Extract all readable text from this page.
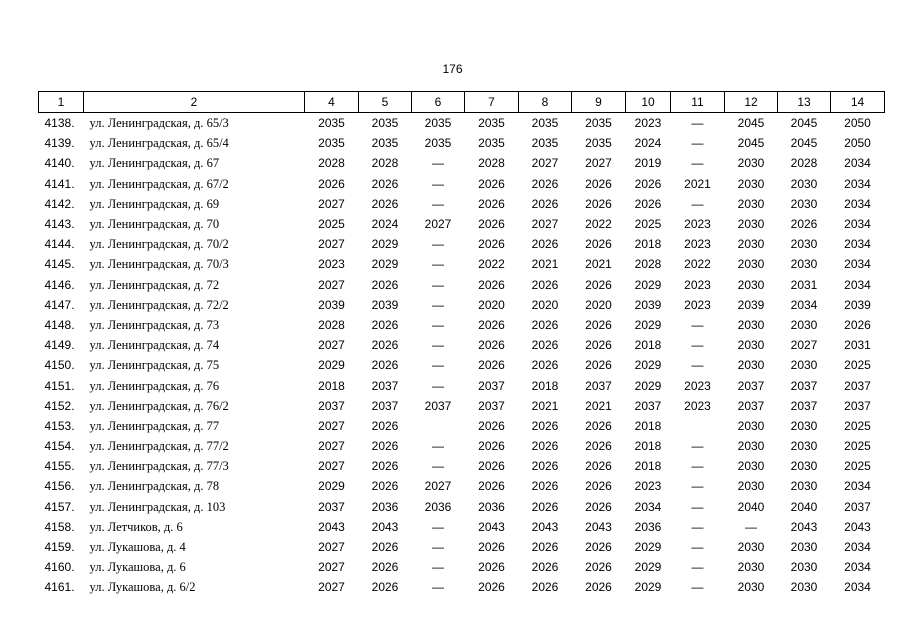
176
1	2	4	5	6	7	8	9	10	11	12	13	14
4138.	ул. Ленинградская, д. 65/3	2035	2035	2035	2035	2035	2035	2023	—	2045	2045	2050
4139.	ул. Ленинградская, д. 65/4	2035	2035	2035	2035	2035	2035	2024	—	2045	2045	2050
4140.	ул. Ленинградская, д. 67	2028	2028	—	2028	2027	2027	2019	—	2030	2028	2034
4141.	ул. Ленинградская, д. 67/2	2026	2026	—	2026	2026	2026	2026	2021	2030	2030	2034
4142.	ул. Ленинградская, д. 69	2027	2026	—	2026	2026	2026	2026	—	2030	2030	2034
4143.	ул. Ленинградская, д. 70	2025	2024	2027	2026	2027	2022	2025	2023	2030	2026	2034
4144.	ул. Ленинградская, д. 70/2	2027	2029	—	2026	2026	2026	2018	2023	2030	2030	2034
4145.	ул. Ленинградская, д. 70/3	2023	2029	—	2022	2021	2021	2028	2022	2030	2030	2034
4146.	ул. Ленинградская, д. 72	2027	2026	—	2026	2026	2026	2029	2023	2030	2031	2034
4147.	ул. Ленинградская, д. 72/2	2039	2039	—	2020	2020	2020	2039	2023	2039	2034	2039
4148.	ул. Ленинградская, д. 73	2028	2026	—	2026	2026	2026	2029	—	2030	2030	2026
4149.	ул. Ленинградская, д. 74	2027	2026	—	2026	2026	2026	2018	—	2030	2027	2031
4150.	ул. Ленинградская, д. 75	2029	2026	—	2026	2026	2026	2029	—	2030	2030	2025
4151.	ул. Ленинградская, д. 76	2018	2037	—	2037	2018	2037	2029	2023	2037	2037	2037
4152.	ул. Ленинградская, д. 76/2	2037	2037	2037	2037	2021	2021	2037	2023	2037	2037	2037
4153.	ул. Ленинградская, д. 77	2027	2026		2026	2026	2026	2018		2030	2030	2025
4154.	ул. Ленинградская, д. 77/2	2027	2026	—	2026	2026	2026	2018	—	2030	2030	2025
4155.	ул. Ленинградская, д. 77/3	2027	2026	—	2026	2026	2026	2018	—	2030	2030	2025
4156.	ул. Ленинградская, д. 78	2029	2026	2027	2026	2026	2026	2023	—	2030	2030	2034
4157.	ул. Ленинградская, д. 103	2037	2036	2036	2036	2026	2026	2034	—	2040	2040	2037
4158.	ул. Летчиков, д. 6	2043	2043	—	2043	2043	2043	2036	—	—	2043	2043
4159.	ул. Лукашова, д. 4	2027	2026	—	2026	2026	2026	2029	—	2030	2030	2034
4160.	ул. Лукашова, д. 6	2027	2026	—	2026	2026	2026	2029	—	2030	2030	2034
4161.	ул. Лукашова, д. 6/2	2027	2026	—	2026	2026	2026	2029	—	2030	2030	2034
